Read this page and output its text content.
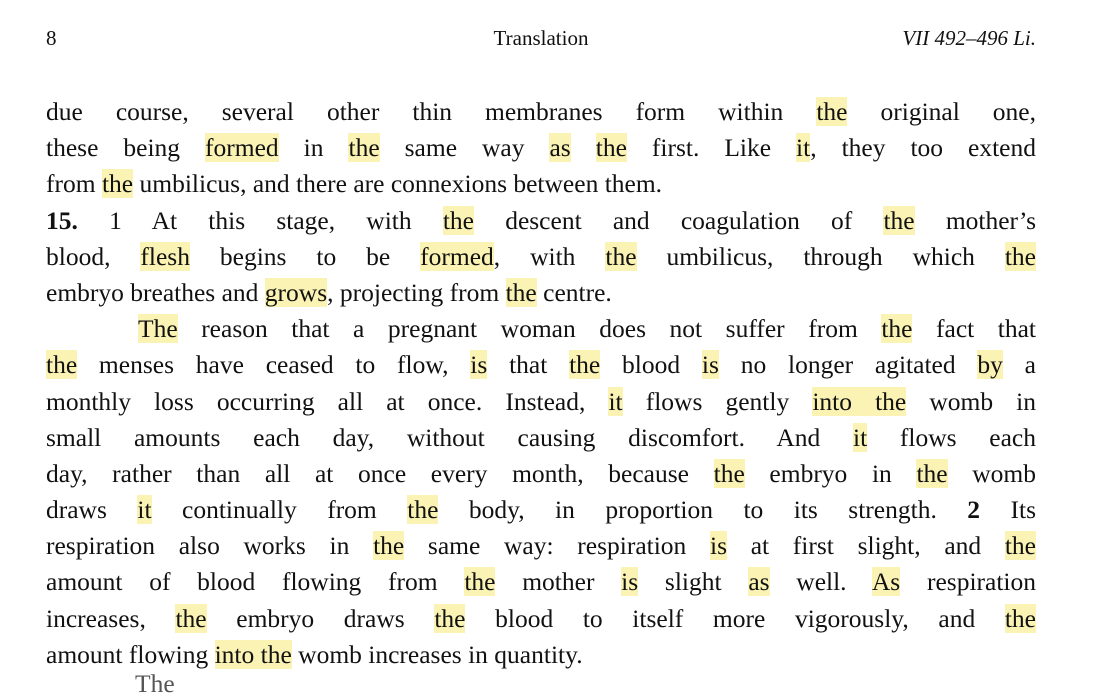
8	Translation	VII 492–496 Li.
due course, several other thin membranes form within the original one,
these being formed in the same way as the first. Like it, they too extend
from the umbilicus, and there are connexions between them.
15. 1 At this stage, with the descent and coagulation of the mother’s
blood, flesh begins to be formed, with the umbilicus, through which the
embryo breathes and grows, projecting from the centre.
The reason that a pregnant woman does not suffer from the fact that
the menses have ceased to flow, is that the blood is no longer agitated by a
monthly loss occurring all at once. Instead, it flows gently into the womb in
small amounts each day, without causing discomfort. And it flows each
day, rather than all at once every month, because the embryo in the womb
draws it continually from the body, in proportion to its strength. 2 Its
respiration also works in the same way: respiration is at first slight, and the
amount of blood flowing from the mother is slight as well. As respiration
increases, the embryo draws the blood to itself more vigorously, and the
amount flowing into the womb increases in quantity.
The
